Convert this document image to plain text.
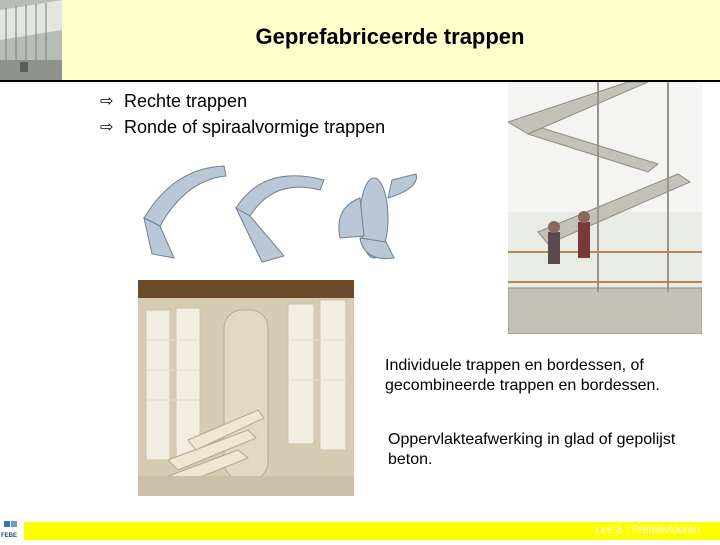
Geprefabriceerde trappen
⇨ Rechte trappen
⇨ Ronde of spiraalvormige trappen
Individuele trappen en bordessen, of gecombineerde trappen en bordessen.
Oppervlakteafwerking in glad of gepolijst beton.
FEBE	Les 6 : Prefabvloeren
